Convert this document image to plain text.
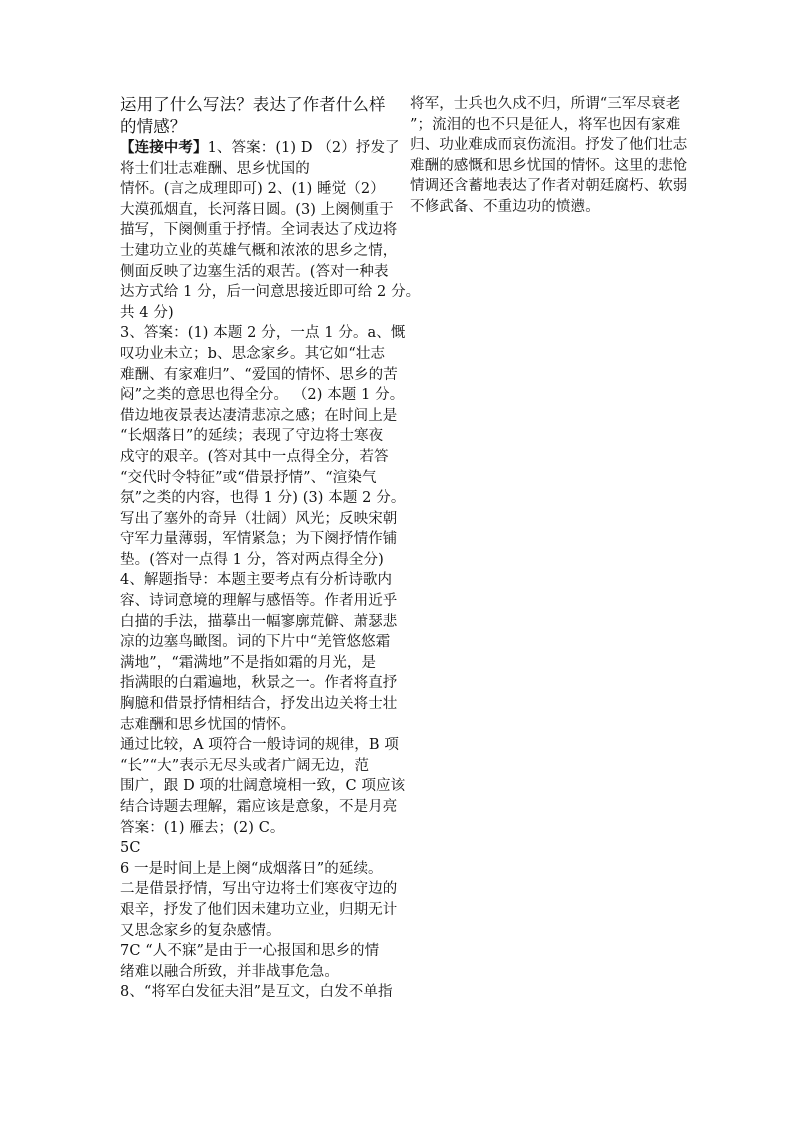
运用了什么写法？表达了作者什么样
的情感？
【连接中考】1、答案：(1) D （2）抒发了
将士们壮志难酬、思乡忧国的
情怀。(言之成理即可) 2、(1) 睡觉（2）
大漠孤烟直，长河落日圆。(3) 上阕侧重于
描写，下阕侧重于抒情。全词表达了戍边将
士建功立业的英雄气概和浓浓的思乡之情，
侧面反映了边塞生活的艰苦。(答对一种表
达方式给 1 分，后一问意思接近即可给 2 分。
共 4 分)
3、答案：(1) 本题 2 分，一点 1 分。a、慨
叹功业未立；b、思念家乡。其它如“壮志
难酬、有家难归”、“爱国的情怀、思乡的苦
闷”之类的意思也得全分。 （2) 本题 1 分。
借边地夜景表达凄清悲凉之感；在时间上是
“长烟落日”的延续；表现了守边将士寒夜
戍守的艰辛。(答对其中一点得全分，若答
“交代时令特征”或“借景抒情”、“渲染气
氛”之类的内容，也得 1 分) (3) 本题 2 分。
写出了塞外的奇异（壮阔）风光；反映宋朝
守军力量薄弱，军情紧急；为下阕抒情作铺
垫。(答对一点得 1 分，答对两点得全分)
4、解题指导：本题主要考点有分析诗歌内
容、诗词意境的理解与感悟等。作者用近乎
白描的手法，描摹出一幅寥廓荒僻、萧瑟悲
凉的边塞鸟瞰图。词的下片中“羌管悠悠霜
满地”，“霜满地”不是指如霜的月光，是
指满眼的白霜遍地，秋景之一。作者将直抒
胸臆和借景抒情相结合，抒发出边关将士壮
志难酬和思乡忧国的情怀。
通过比较，A 项符合一般诗词的规律，B 项
“长”“大”表示无尽头或者广阔无边，范
围广，跟 D 项的壮阔意境相一致，C 项应该
结合诗题去理解，霜应该是意象，不是月亮
答案：(1) 雁去；(2) C。
5C
6 一是时间上是上阕“成烟落日”的延续。
二是借景抒情，写出守边将士们寒夜守边的
艰辛，抒发了他们因未建功立业，归期无计
又思念家乡的复杂感情。
7C “人不寐”是由于一心报国和思乡的情
绪难以融合所致，并非战事危急。
8、“将军白发征夫泪”是互文，白发不单指
将军，士兵也久戍不归，所谓“三军尽衰老
”；流泪的也不只是征人，将军也因有家难
归、功业难成而哀伤流泪。抒发了他们壮志
难酬的感慨和思乡忧国的情怀。这里的悲怆
情调还含蓄地表达了作者对朝廷腐朽、软弱
不修武备、不重边功的愤懑。
